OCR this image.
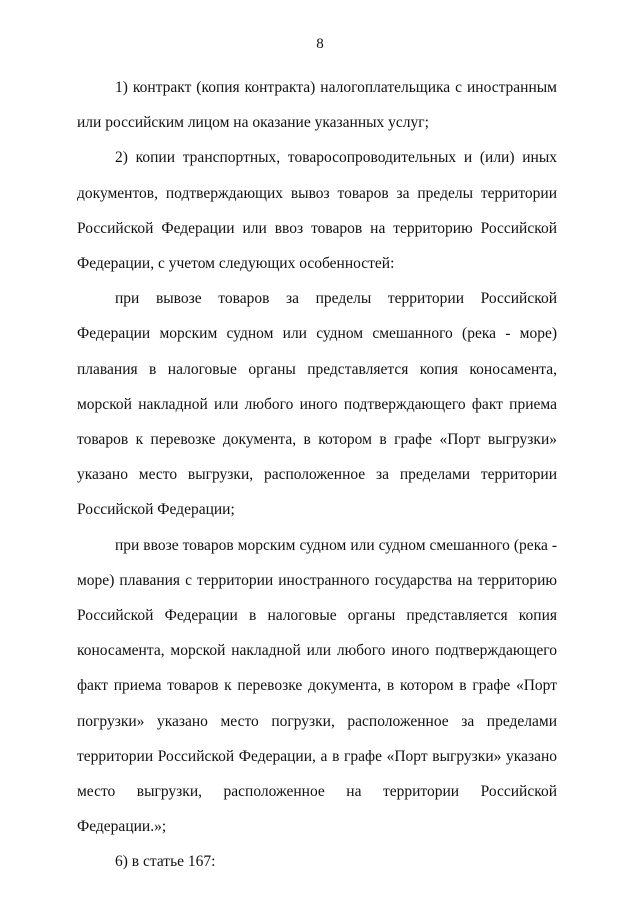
8

1) контракт (копия контракта) налогоплательщика с иностранным или российским лицом на оказание указанных услуг;

2) копии транспортных, товаросопроводительных и (или) иных документов, подтверждающих вывоз товаров за пределы территории Российской Федерации или ввоз товаров на территорию Российской Федерации, с учетом следующих особенностей:

при вывозе товаров за пределы территории Российской Федерации морским судном или судном смешанного (река - море) плавания в налоговые органы представляется копия коносамента, морской накладной или любого иного подтверждающего факт приема товаров к перевозке документа, в котором в графе «Порт выгрузки» указано место выгрузки, расположенное за пределами территории Российской Федерации;

при ввозе товаров морским судном или судном смешанного (река - море) плавания с территории иностранного государства на территорию Российской Федерации в налоговые органы представляется копия коносамента, морской накладной или любого иного подтверждающего факт приема товаров к перевозке документа, в котором в графе «Порт погрузки» указано место погрузки, расположенное за пределами территории Российской Федерации, а в графе «Порт выгрузки» указано место выгрузки, расположенное на территории Российской Федерации.»;

6) в статье 167:
